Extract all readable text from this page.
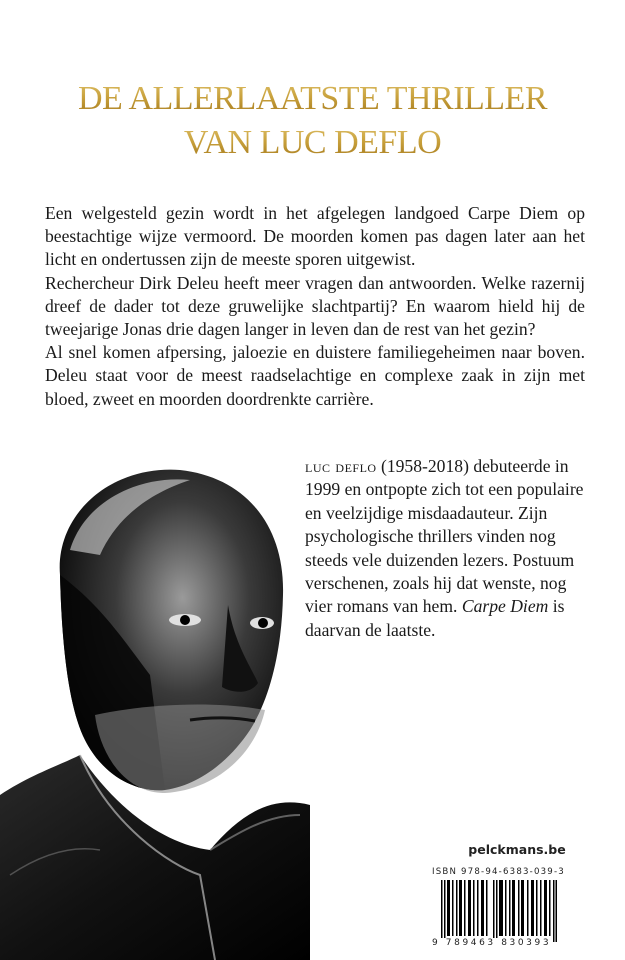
DE ALLERLAATSTE THRILLER
VAN LUC DEFLO

Een welgesteld gezin wordt in het afgelegen landgoed Carpe Diem op beestachtige wijze vermoord. De moorden komen pas dagen later aan het licht en ondertussen zijn de meeste sporen uitgewist.

Rechercheur Dirk Deleu heeft meer vragen dan antwoorden. Welke razernij dreef de dader tot deze gruwelijke slachtpartij? En waarom hield hij de tweejarige Jonas drie dagen langer in leven dan de rest van het gezin?

Al snel komen afpersing, jaloezie en duistere familiegeheimen naar boven. Deleu staat voor de meest raadselachtige en complexe zaak in zijn met bloed, zweet en moorden doordrenkte carrière.

luc deflo (1958-2018) debuteerde in 1999 en ontpopte zich tot een populaire en veelzijdige misdaadauteur. Zijn psychologische thrillers vinden nog steeds vele duizenden lezers. Postuum verschenen, zoals hij dat wenste, nog vier romans van hem. Carpe Diem is daarvan de laatste.

pelckmans.be
ISBN 978-94-6383-039-3
9 789463 830393
